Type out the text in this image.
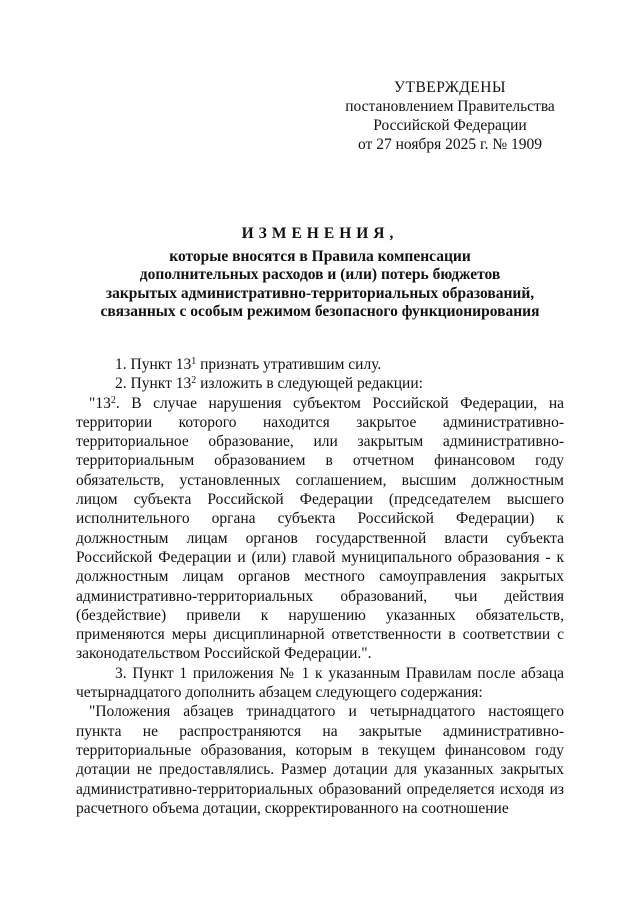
УТВЕРЖДЕНЫ
постановлением Правительства
Российской Федерации
от 27 ноября 2025 г. № 1909
ИЗМЕНЕНИЯ,
которые вносятся в Правила компенсации
дополнительных расходов и (или) потерь бюджетов
закрытых административно-территориальных образований,
связанных с особым режимом безопасного функционирования

1. Пункт $13^1$ признать утратившим силу.

2. Пункт $13^2$ изложить в следующей редакции:

"$13^2$. В случае нарушения субъектом Российской Федерации, на территории которого находится закрытое административно-территориальное образование, или закрытым административно-территориальным образованием в отчетном финансовом году обязательств, установленных соглашением, высшим должностным лицом субъекта Российской Федерации (председателем высшего исполнительного органа субъекта Российской Федерации) к должностным лицам органов государственной власти субъекта Российской Федерации и (или) главой муниципального образования - к должностным лицам органов местного самоуправления закрытых административно-территориальных образований, чьи действия (бездействие) привели к нарушению указанных обязательств, применяются меры дисциплинарной ответственности в соответствии с законодательством Российской Федерации.".

3. Пункт 1 приложения № 1 к указанным Правилам после абзаца четырнадцатого дополнить абзацем следующего содержания:

"Положения абзацев тринадцатого и четырнадцатого настоящего пункта не распространяются на закрытые административно-территориальные образования, которым в текущем финансовом году дотации не предоставлялись. Размер дотации для указанных закрытых административно-территориальных образований определяется исходя из расчетного объема дотации, скорректированного на соотношение
